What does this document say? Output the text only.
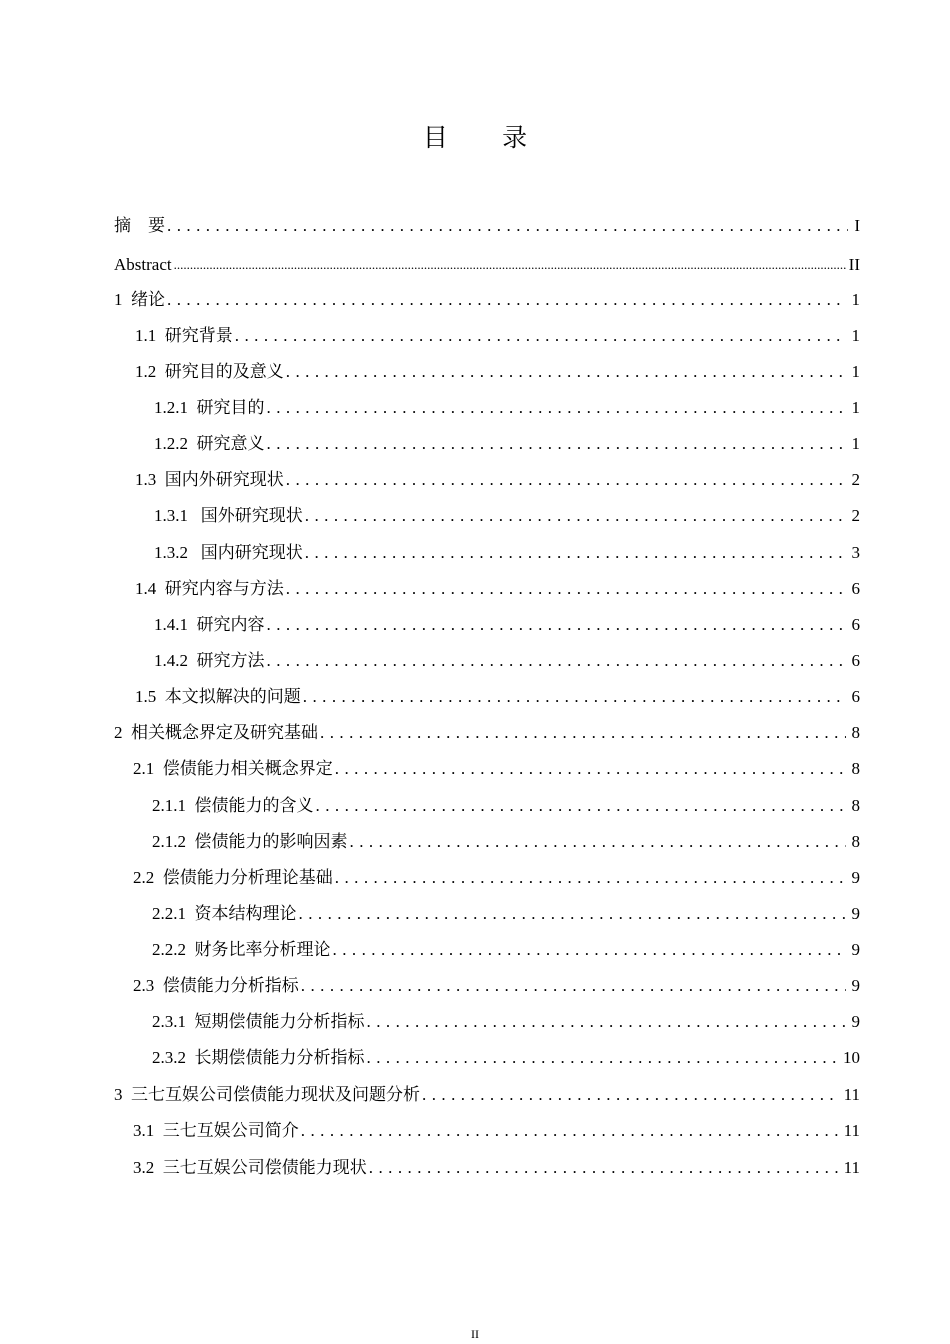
目 录
摘    要 . . .	I
Abstract .....	II
1  绪论 . . .	1
1.1  研究背景 . . .	1
1.2  研究目的及意义 . . .	1
1.2.1  研究目的 . . .	1
1.2.2  研究意义 . . .	1
1.3  国内外研究现状 . . .	2
1.3.1   国外研究现状 . . .	2
1.3.2   国内研究现状 . . .	3
1.4  研究内容与方法 . . .	6
1.4.1  研究内容 . . .	6
1.4.2  研究方法 . . .	6
1.5  本文拟解决的问题 . . .	6
2  相关概念界定及研究基础 . . .	8
2.1  偿债能力相关概念界定 . . .	8
2.1.1  偿债能力的含义 . . .	8
2.1.2  偿债能力的影响因素 . . .	8
2.2  偿债能力分析理论基础 . . .	9
2.2.1  资本结构理论 . . .	9
2.2.2  财务比率分析理论 . . .	9
2.3  偿债能力分析指标 . . .	9
2.3.1  短期偿债能力分析指标 . . .	9
2.3.2  长期偿债能力分析指标 . . .	10
3  三七互娱公司偿债能力现状及问题分析 . . .	11
3.1  三七互娱公司简介 . . .	11
3.2  三七互娱公司偿债能力现状 . . .	11
II
